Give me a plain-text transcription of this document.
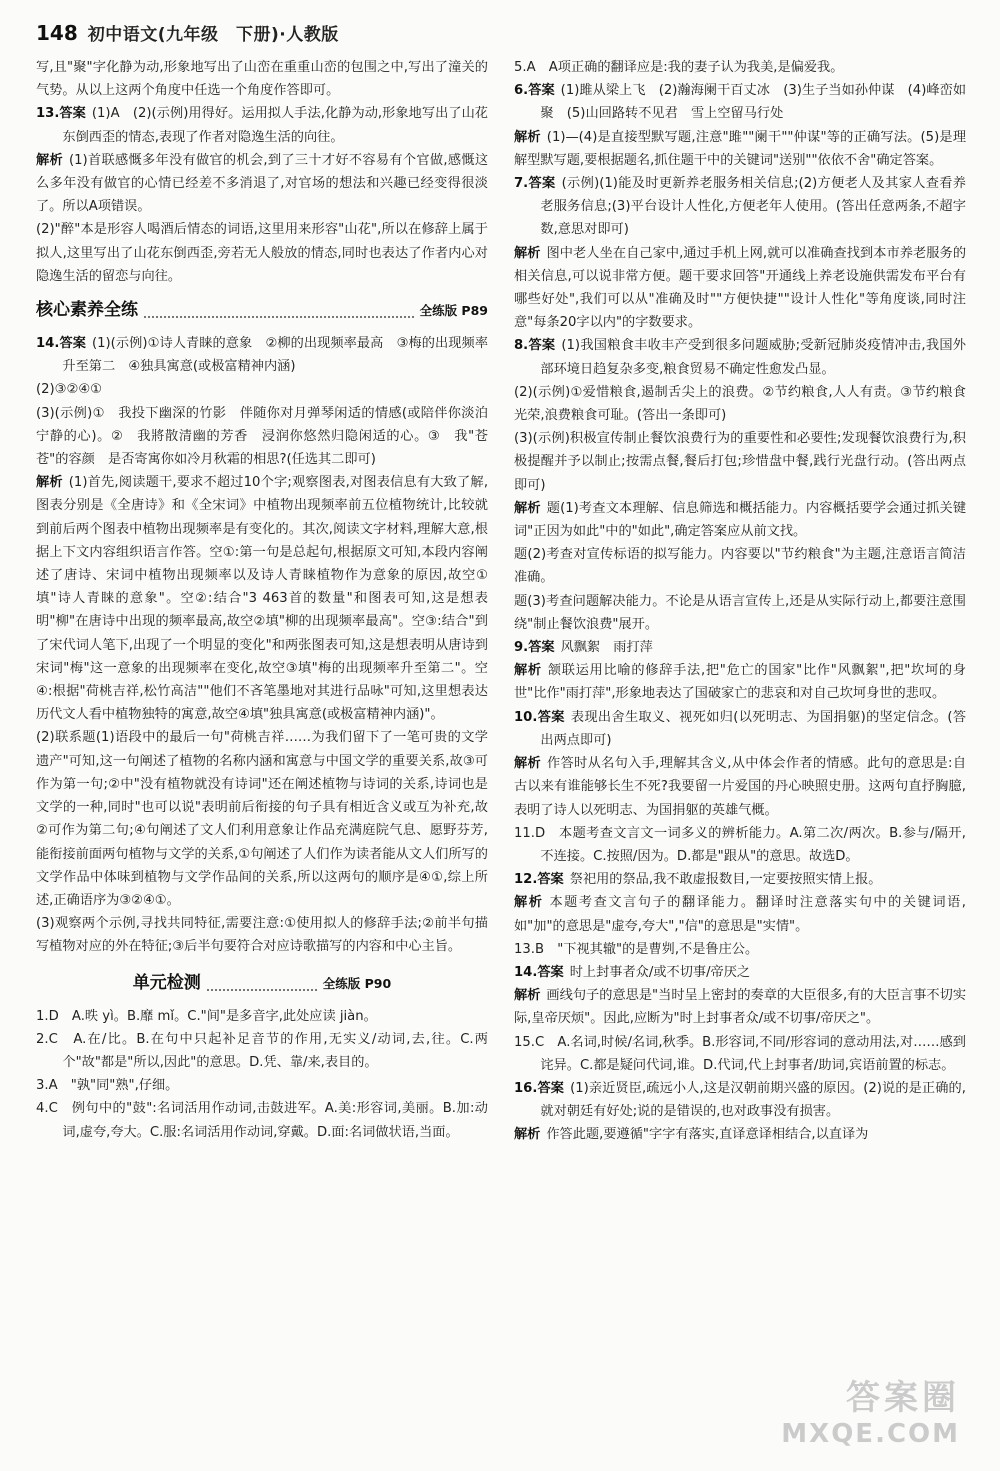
148 初中语文(九年级　下册)·人教版

写,且"聚"字化静为动,形象地写出了山峦在重重山峦的包围之中,写出了潼关的气势。从以上这两个角度中任选一个角度作答即可。

13.答案 (1)A　(2)(示例)用得好。运用拟人手法,化静为动,形象地写出了山花东倒西歪的情态,表现了作者对隐逸生活的向往。

解析 (1)首联感慨多年没有做官的机会,到了三十才好不容易有个官做,感慨这么多年没有做官的心情已经差不多消退了,对官场的想法和兴趣已经变得很淡了。所以A项错误。

(2)"醉"本是形容人喝酒后情态的词语,这里用来形容"山花",所以在修辞上属于拟人,这里写出了山花东倒西歪,旁若无人般放的情态,同时也表达了作者内心对隐逸生活的留恋与向往。

核心素养全练	全练版 P89

14.答案 (1)(示例)①诗人青睐的意象　②柳的出现频率最高　③梅的出现频率升至第二　④独具寓意(或极富精神内涵)

(2)③②④①

(3)(示例)①　我投下幽深的竹影　伴随你对月弹琴闲适的情感(或陪伴你淡泊宁静的心)。②　我將散清幽的芳香　浸润你悠然归隐闲适的心。③　我"苍苍"的容颜　是否寄寓你如冷月秋霜的相思?(任选其二即可)

解析 (1)首先,阅读题干,要求不超过10个字;观察图表,对图表信息有大致了解,图表分别是《全唐诗》和《全宋词》中植物出现频率前五位植物统计,比较就到前后两个图表中植物出现频率是有变化的。其次,阅读文字材料,理解大意,根据上下文内容组织语言作答。空①:第一句是总起句,根据原文可知,本段内容阐述了唐诗、宋词中植物出现频率以及诗人青睐植物作为意象的原因,故空①填"诗人青睐的意象"。空②:结合"3 463首的数量"和图表可知,这是想表明"柳"在唐诗中出现的频率最高,故空②填"柳的出现频率最高"。空③:结合"到了宋代词人笔下,出现了一个明显的变化"和两张图表可知,这是想表明从唐诗到宋词"梅"这一意象的出现频率在变化,故空③填"梅的出现频率升至第二"。空④:根据"荷桃吉祥,松竹高洁""他们不吝笔墨地对其进行品咏"可知,这里想表达历代文人看中植物独特的寓意,故空④填"独具寓意(或极富精神内涵)"。

(2)联系题(1)语段中的最后一句"荷桃吉祥……为我们留下了一笔可贵的文学遗产"可知,这一句阐述了植物的名称内涵和寓意与中国文学的重要关系,故③可作为第一句;②中"没有植物就没有诗词"还在阐述植物与诗词的关系,诗词也是文学的一种,同时"也可以说"表明前后衔接的句子具有相近含义或互为补充,故②可作为第二句;④句阐述了文人们利用意象让作品充满庭院气息、愿野芬芳,能衔接前面两句植物与文学的关系,①句阐述了人们作为读者能从文人们所写的文学作品中体味到植物与文学作品间的关系,所以这两句的顺序是④①,综上所述,正确语序为③②④①。

(3)观察两个示例,寻找共同特征,需要注意:①使用拟人的修辞手法;②前半句描写植物对应的外在特征;③后半句要符合对应诗歌描写的内容和中心主旨。

单元检测	全练版 P90

1.D　A.昳 yì。B.靡 mǐ。C."间"是多音字,此处应读 jiàn。

2.C　A.在/比。B.在句中只起补足音节的作用,无实义/动词,去,往。C.两个"故"都是"所以,因此"的意思。D.凭、靠/来,表目的。

3.A　"孰"同"熟",仔细。

4.C　例句中的"鼓":名词活用作动词,击鼓进军。A.美:形容词,美丽。B.加:动词,虚夸,夸大。C.服:名词活用作动词,穿戴。D.面:名词做状语,当面。

5.A　A项正确的翻译应是:我的妻子认为我美,是偏爱我。

6.答案 (1)雎从梁上飞　(2)瀚海阑干百丈冰　(3)生子当如孙仲谋　(4)峰峦如聚　(5)山回路转不见君　雪上空留马行处

解析 (1)—(4)是直接型默写题,注意"雎""阑干""仲谋"等的正确写法。(5)是理解型默写题,要根据题名,抓住题干中的关键词"送别""依依不舍"确定答案。

7.答案 (示例)(1)能及时更新养老服务相关信息;(2)方便老人及其家人查看养老服务信息;(3)平台设计人性化,方便老年人使用。(答出任意两条,不超字数,意思对即可)

解析 图中老人坐在自己家中,通过手机上网,就可以准确查找到本市养老服务的相关信息,可以说非常方便。题干要求回答"开通线上养老设施供需发布平台有哪些好处",我们可以从"准确及时""方便快捷""设计人性化"等角度谈,同时注意"每条20字以内"的字数要求。

8.答案 (1)我国粮食丰收丰产受到很多问题威胁;受新冠肺炎疫情冲击,我国外部环境日趋复杂多变,粮食贸易不确定性愈发凸显。

(2)(示例)①爱惜粮食,遏制舌尖上的浪费。②节约粮食,人人有责。③节约粮食光荣,浪费粮食可耻。(答出一条即可)

(3)(示例)积极宣传制止餐饮浪费行为的重要性和必要性;发现餐饮浪费行为,积极提醒并予以制止;按需点餐,餐后打包;珍惜盘中餐,践行光盘行动。(答出两点即可)

解析 题(1)考查文本理解、信息筛选和概括能力。内容概括要学会通过抓关键词"正因为如此"中的"如此",确定答案应从前文找。

题(2)考查对宣传标语的拟写能力。内容要以"节约粮食"为主题,注意语言简洁准确。

题(3)考查问题解决能力。不论是从语言宣传上,还是从实际行动上,都要注意围绕"制止餐饮浪费"展开。

9.答案 风飘絮　雨打萍

解析 颔联运用比喻的修辞手法,把"危亡的国家"比作"风飘絮",把"坎坷的身世"比作"雨打萍",形象地表达了国破家亡的悲哀和对自己坎坷身世的悲叹。

10.答案 表现出舍生取义、视死如归(以死明志、为国捐躯)的坚定信念。(答出两点即可)

解析 作答时从名句入手,理解其含义,从中体会作者的情感。此句的意思是:自古以来有谁能够长生不死?我要留一片爱国的丹心映照史册。这两句直抒胸臆,表明了诗人以死明志、为国捐躯的英雄气概。

11.D　本题考查文言文一词多义的辨析能力。A.第二次/两次。B.参与/隔开,不连接。C.按照/因为。D.都是"跟从"的意思。故选D。

12.答案 祭祀用的祭品,我不敢虚报数目,一定要按照实情上报。

解析 本题考查文言句子的翻译能力。翻译时注意落实句中的关键词语,如"加"的意思是"虚夸,夸大","信"的意思是"实情"。

13.B　"下视其辙"的是曹刿,不是鲁庄公。

14.答案 时上封事者众/或不切事/帝厌之

解析 画线句子的意思是"当时呈上密封的奏章的大臣很多,有的大臣言事不切实际,皇帝厌烦"。因此,应断为"时上封事者众/或不切事/帝厌之"。

15.C　A.名词,时候/名词,秋季。B.形容词,不同/形容词的意动用法,对……感到诧异。C.都是疑问代词,谁。D.代词,代上封事者/助词,宾语前置的标志。

16.答案 (1)亲近贤臣,疏远小人,这是汉朝前期兴盛的原因。(2)说的是正确的,就对朝廷有好处;说的是错误的,也对政事没有损害。

解析 作答此题,要遵循"字字有落实,直译意译相结合,以直译为

答案圈
MXQE.COM
